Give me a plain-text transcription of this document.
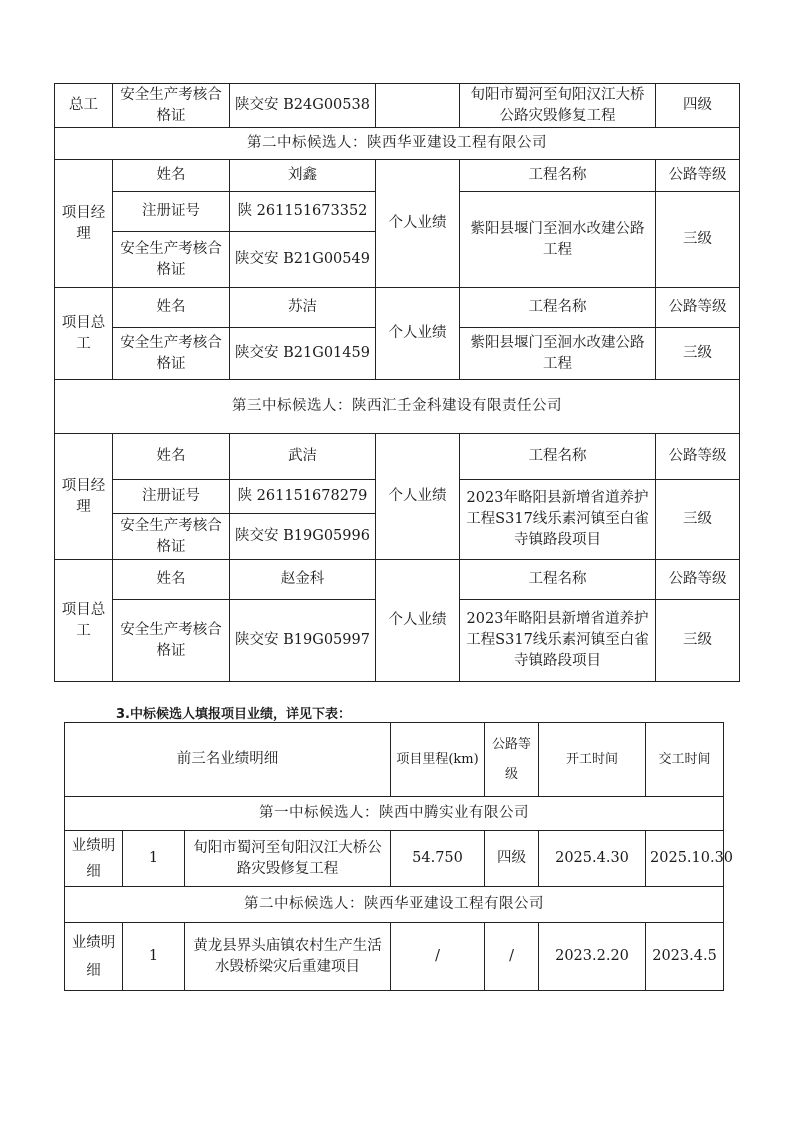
总工	安全生产考核合格证	陕交安 B24G00538		旬阳市蜀河至旬阳汉江大桥公路灾毁修复工程	四级
第二中标候选人：陕西华亚建设工程有限公司					
项目经理	姓名	刘鑫	个人业绩	工程名称	公路等级
	注册证号	陕 261151673352		紫阳县堰门至洄水改建公路工程	三级
	安全生产考核合格证	陕交安 B21G00549			
项目总工	姓名	苏洁	个人业绩	工程名称	公路等级
	安全生产考核合格证	陕交安 B21G01459		紫阳县堰门至洄水改建公路工程	三级
第三中标候选人：陕西汇壬金科建设有限责任公司					
项目经理	姓名	武洁	个人业绩	工程名称	公路等级
	注册证号	陕 261151678279		2023年略阳县新增省道养护工程S317线乐素河镇至白雀寺镇路段项目	三级
	安全生产考核合格证	陕交安 B19G05996			
项目总工	姓名	赵金科	个人业绩	工程名称	公路等级
	安全生产考核合格证	陕交安 B19G05997		2023年略阳县新增省道养护工程S317线乐素河镇至白雀寺镇路段项目	三级
3.中标候选人填报项目业绩，详见下表：
前三名业绩明细			项目里程(km)	公路等级	开工时间	交工时间
第一中标候选人：陕西中腾实业有限公司						
业绩明细	1	旬阳市蜀河至旬阳汉江大桥公路灾毁修复工程	54.750	四级	2025.4.30	2025.10.30
第二中标候选人：陕西华亚建设工程有限公司						
业绩明细	1	黄龙县界头庙镇农村生产生活水毁桥梁灾后重建项目	/	/	2023.2.20	2023.4.5
